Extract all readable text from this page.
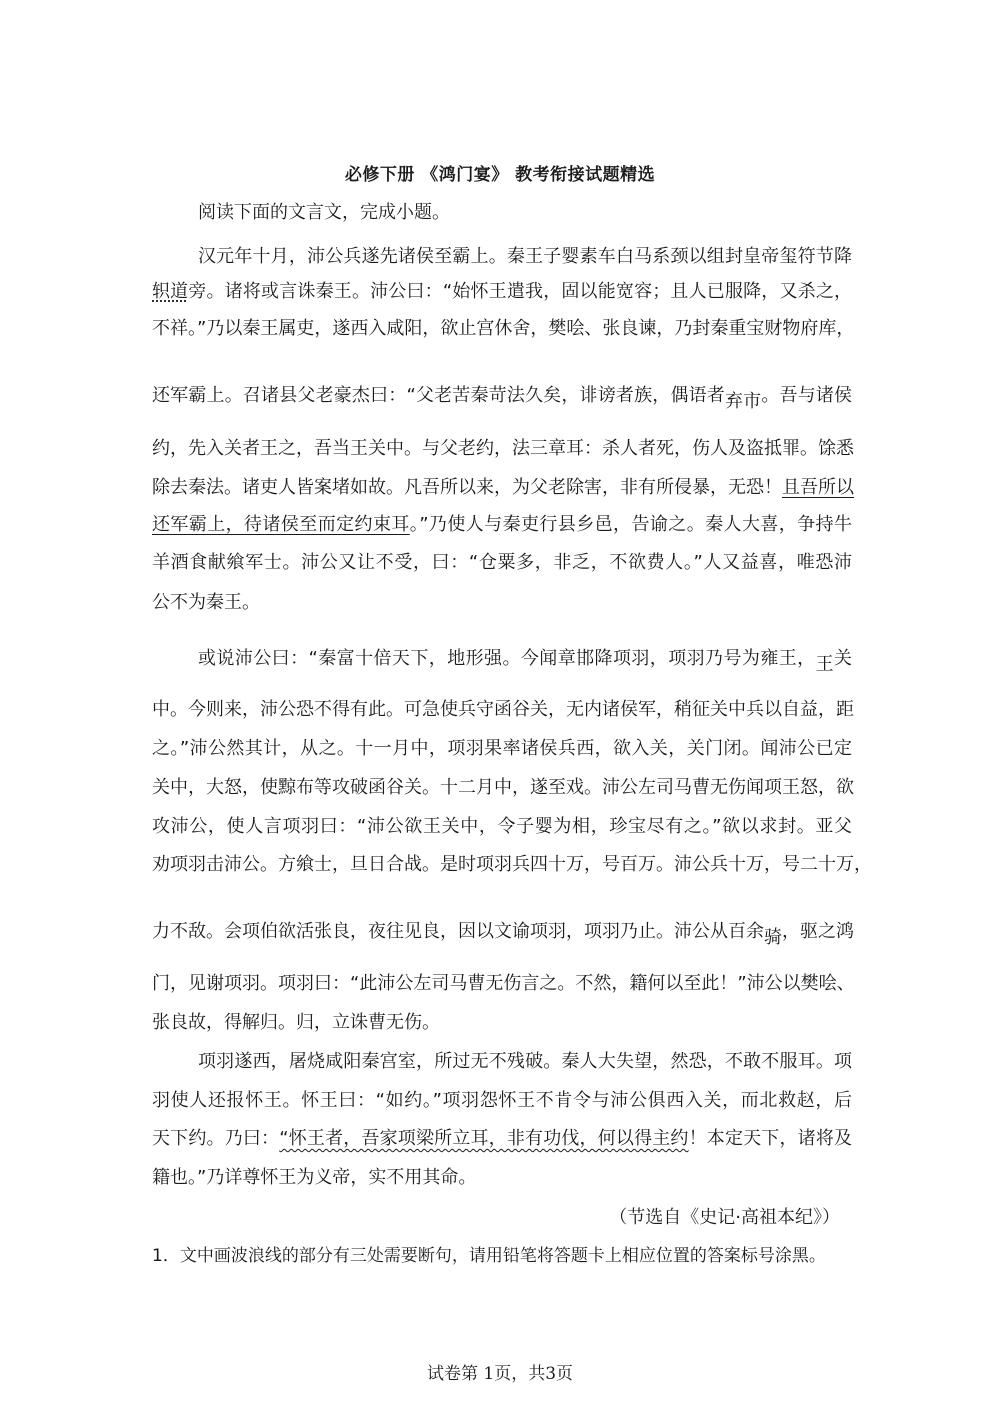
必修下册 《鸿门宴》 教考衔接试题精选
阅读下面的文言文，完成小题。
汉元年十月，沛公兵遂先诸侯至霸上。秦王子婴素车白马系颈以组封皇帝玺符节降
轵道旁。诸将或言诛秦王。沛公曰：“始怀王遣我，固以能宽容；且人已服降，又杀之，
不祥。”乃以秦王属吏，遂西入咸阳，欲止宫休舍，樊哙、张良谏，乃封秦重宝财物府库，
还军霸上。召诸县父老豪杰曰：“父老苦秦苛法久矣，诽谤者族，偶语者弃市。吾与诸侯
约，先入关者王之，吾当王关中。与父老约，法三章耳：杀人者死，伤人及盗抵罪。馀悉
除去秦法。诸吏人皆案堵如故。凡吾所以来，为父老除害，非有所侵暴，无恐！且吾所以
还军霸上，待诸侯至而定约束耳。”乃使人与秦吏行县乡邑，告谕之。秦人大喜，争持牛
羊酒食献飨军士。沛公又让不受，曰：“仓粟多，非乏，不欲费人。”人又益喜，唯恐沛
公不为秦王。
或说沛公曰：“秦富十倍天下，地形强。今闻章邯降项羽，项羽乃号为雍王，王关
中。今则来，沛公恐不得有此。可急使兵守函谷关，无内诸侯军，稍征关中兵以自益，距
之。”沛公然其计，从之。十一月中，项羽果率诸侯兵西，欲入关，关门闭。闻沛公已定
关中，大怒，使黥布等攻破函谷关。十二月中，遂至戏。沛公左司马曹无伤闻项王怒，欲
攻沛公，使人言项羽曰：“沛公欲王关中，令子婴为相，珍宝尽有之。”欲以求封。亚父
劝项羽击沛公。方飨士，旦日合战。是时项羽兵四十万，号百万。沛公兵十万，号二十万，
力不敌。会项伯欲活张良，夜往见良，因以文谕项羽，项羽乃止。沛公从百余骑，驱之鸿
门，见谢项羽。项羽曰：“此沛公左司马曹无伤言之。不然，籍何以至此！”沛公以樊哙、
张良故，得解归。归，立诛曹无伤。
项羽遂西，屠烧咸阳秦宫室，所过无不残破。秦人大失望，然恐，不敢不服耳。项
羽使人还报怀王。怀王曰：“如约。”项羽怨怀王不肯令与沛公俱西入关，而北救赵，后
天下约。乃曰：“怀王者，吾家项梁所立耳，非有功伐，何以得主约！本定天下，诸将及
籍也。”乃详尊怀王为义帝，实不用其命。
（节选自《史记·高祖本纪》）
1．文中画波浪线的部分有三处需要断句，请用铅笔将答题卡上相应位置的答案标号涂黑。
试卷第 1页，共3页
